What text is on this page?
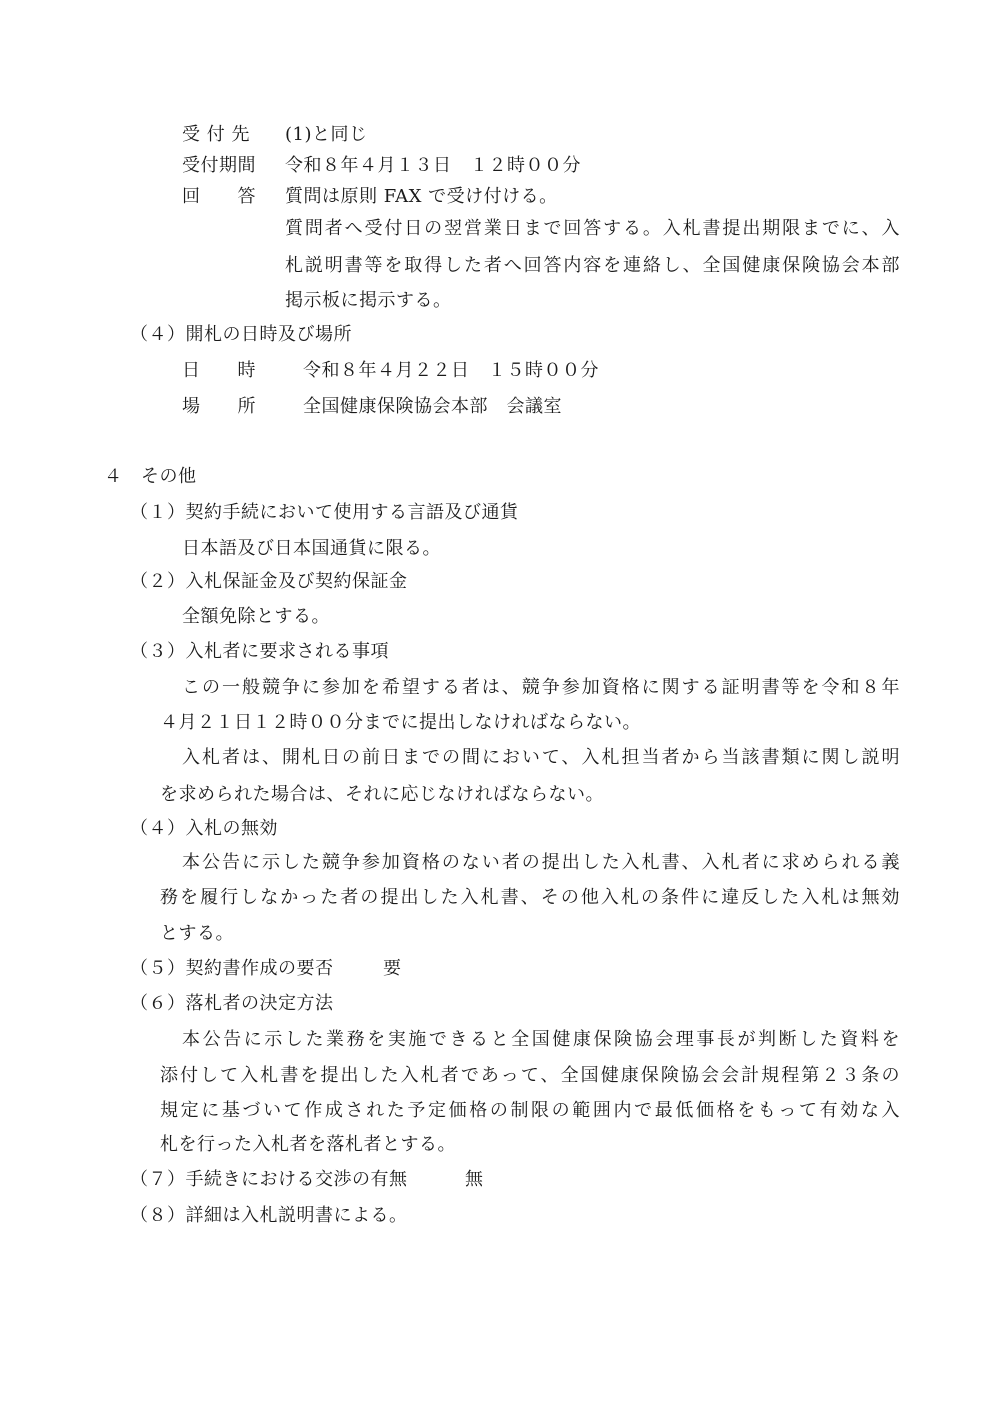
受 付 先 (1)と同じ
受付期間 令和８年４月１３日　１２時００分
回　　答 質問は原則 FAX で受け付ける。
質問者へ受付日の翌営業日まで回答する。入札書提出期限までに、入
札説明書等を取得した者へ回答内容を連絡し、全国健康保険協会本部
掲示板に掲示する。
（４）開札の日時及び場所
日　　時	令和８年４月２２日　１５時００分
場　　所	全国健康保険協会本部　会議室
４　その他
（１）契約手続において使用する言語及び通貨
日本語及び日本国通貨に限る。
（２）入札保証金及び契約保証金
全額免除とする。
（３）入札者に要求される事項
この一般競争に参加を希望する者は、競争参加資格に関する証明書等を令和８年
４月２１日１２時００分までに提出しなければならない。
入札者は、開札日の前日までの間において、入札担当者から当該書類に関し説明
を求められた場合は、それに応じなければならない。
（４）入札の無効
本公告に示した競争参加資格のない者の提出した入札書、入札者に求められる義
務を履行しなかった者の提出した入札書、その他入札の条件に違反した入札は無効
とする。
（５）契約書作成の要否	要
（６）落札者の決定方法
本公告に示した業務を実施できると全国健康保険協会理事長が判断した資料を
添付して入札書を提出した入札者であって、全国健康保険協会会計規程第２３条の
規定に基づいて作成された予定価格の制限の範囲内で最低価格をもって有効な入
札を行った入札者を落札者とする。
（７）手続きにおける交渉の有無	無
（８）詳細は入札説明書による。
